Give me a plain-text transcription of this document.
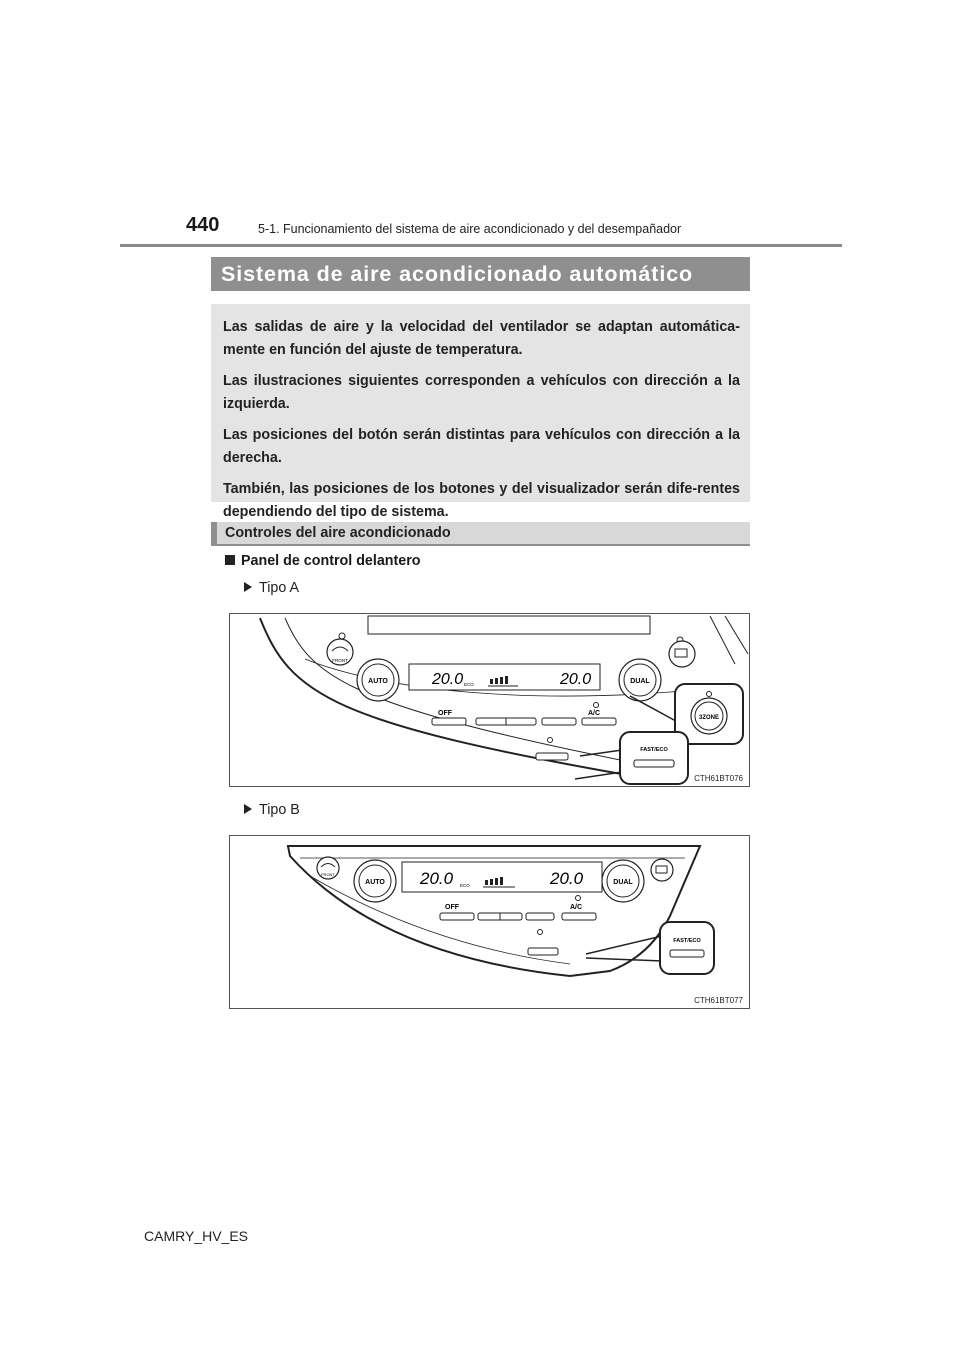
440	5-1. Funcionamiento del sistema de aire acondicionado y del desempañador
Sistema de aire acondicionado automático

Las salidas de aire y la velocidad del ventilador se adaptan automática-mente en función del ajuste de temperatura.

Las ilustraciones siguientes corresponden a vehículos con dirección a la izquierda.

Las posiciones del botón serán distintas para vehículos con dirección a la derecha.

También, las posiciones de los botones y del visualizador serán dife-rentes dependiendo del tipo de sistema.

Controles del aire acondicionado
Panel de control delantero
Tipo A
FRONT
AUTO	20.0 ECO	20.0	DUAL
OFF	A/C
3ZONE
FAST/ECO
CTH61BT076
Tipo B
FRONT
AUTO 20.0 ECO	20.0	DUAL
OFF	A/C
FAST/ECO
CTH61BT077
CAMRY_HV_ES
